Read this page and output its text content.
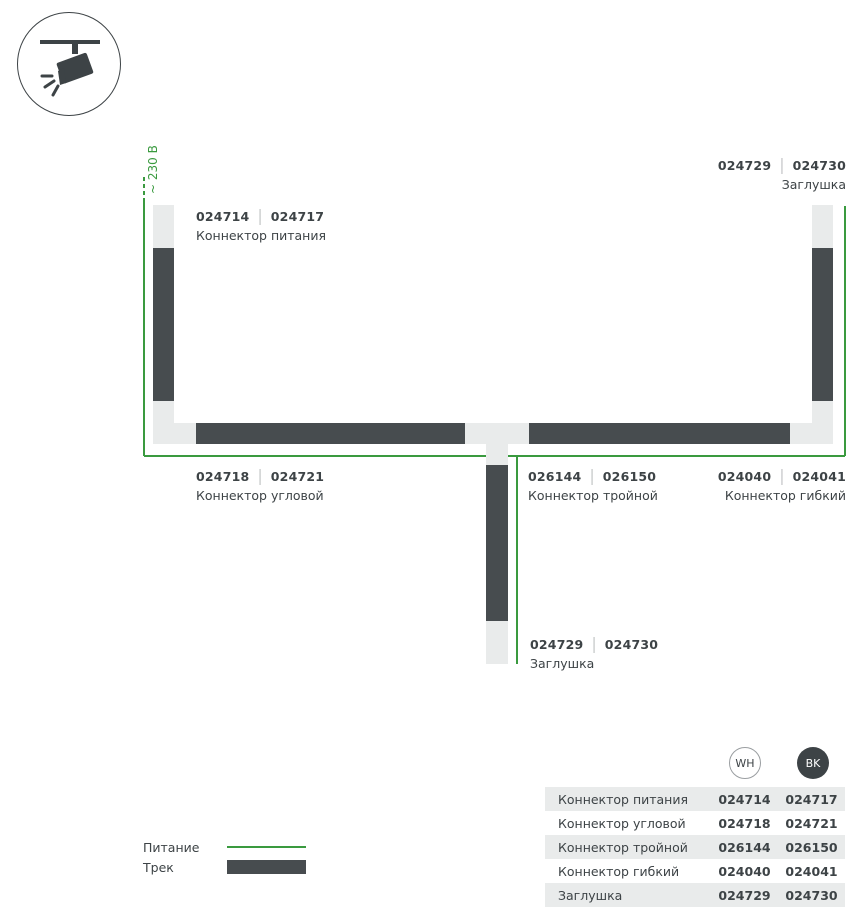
~ 230 В
024714 | 024717
Коннектор питания
024729 | 024730
Заглушка
024718 | 024721
Коннектор угловой
026144 | 026150
Коннектор тройной
024040 | 024041
Коннектор гибкий
024729 | 024730
Заглушка
WH	BK
Коннектор питания	024714	024717
Коннектор угловой	024718	024721
Коннектор тройной	026144	026150
Коннектор гибкий	024040	024041
Заглушка	024729	024730
Питание
Трек
